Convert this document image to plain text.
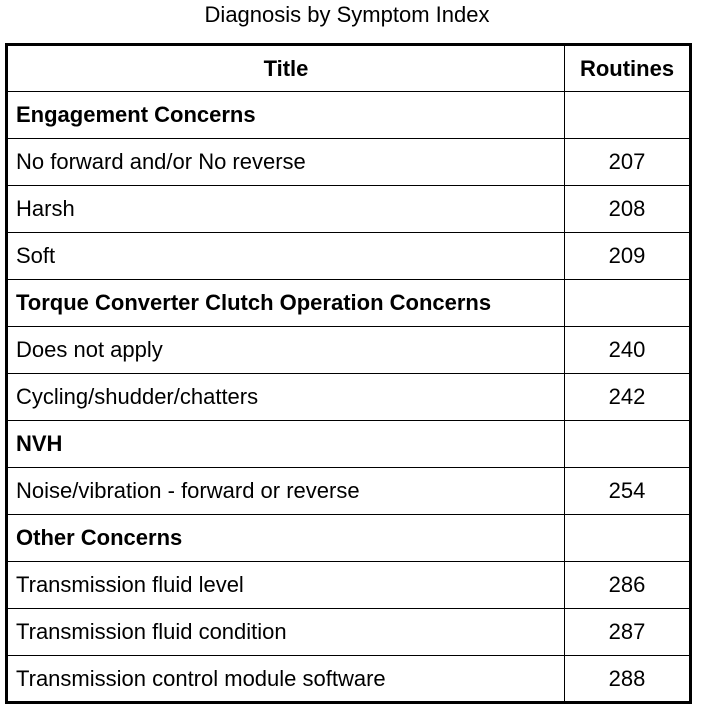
Diagnosis by Symptom Index
Title	Routines
Engagement Concerns	
No forward and/or No reverse	207
Harsh	208
Soft	209
Torque Converter Clutch Operation Concerns	
Does not apply	240
Cycling/shudder/chatters	242
NVH	
Noise/vibration - forward or reverse	254
Other Concerns	
Transmission fluid level	286
Transmission fluid condition	287
Transmission control module software	288
